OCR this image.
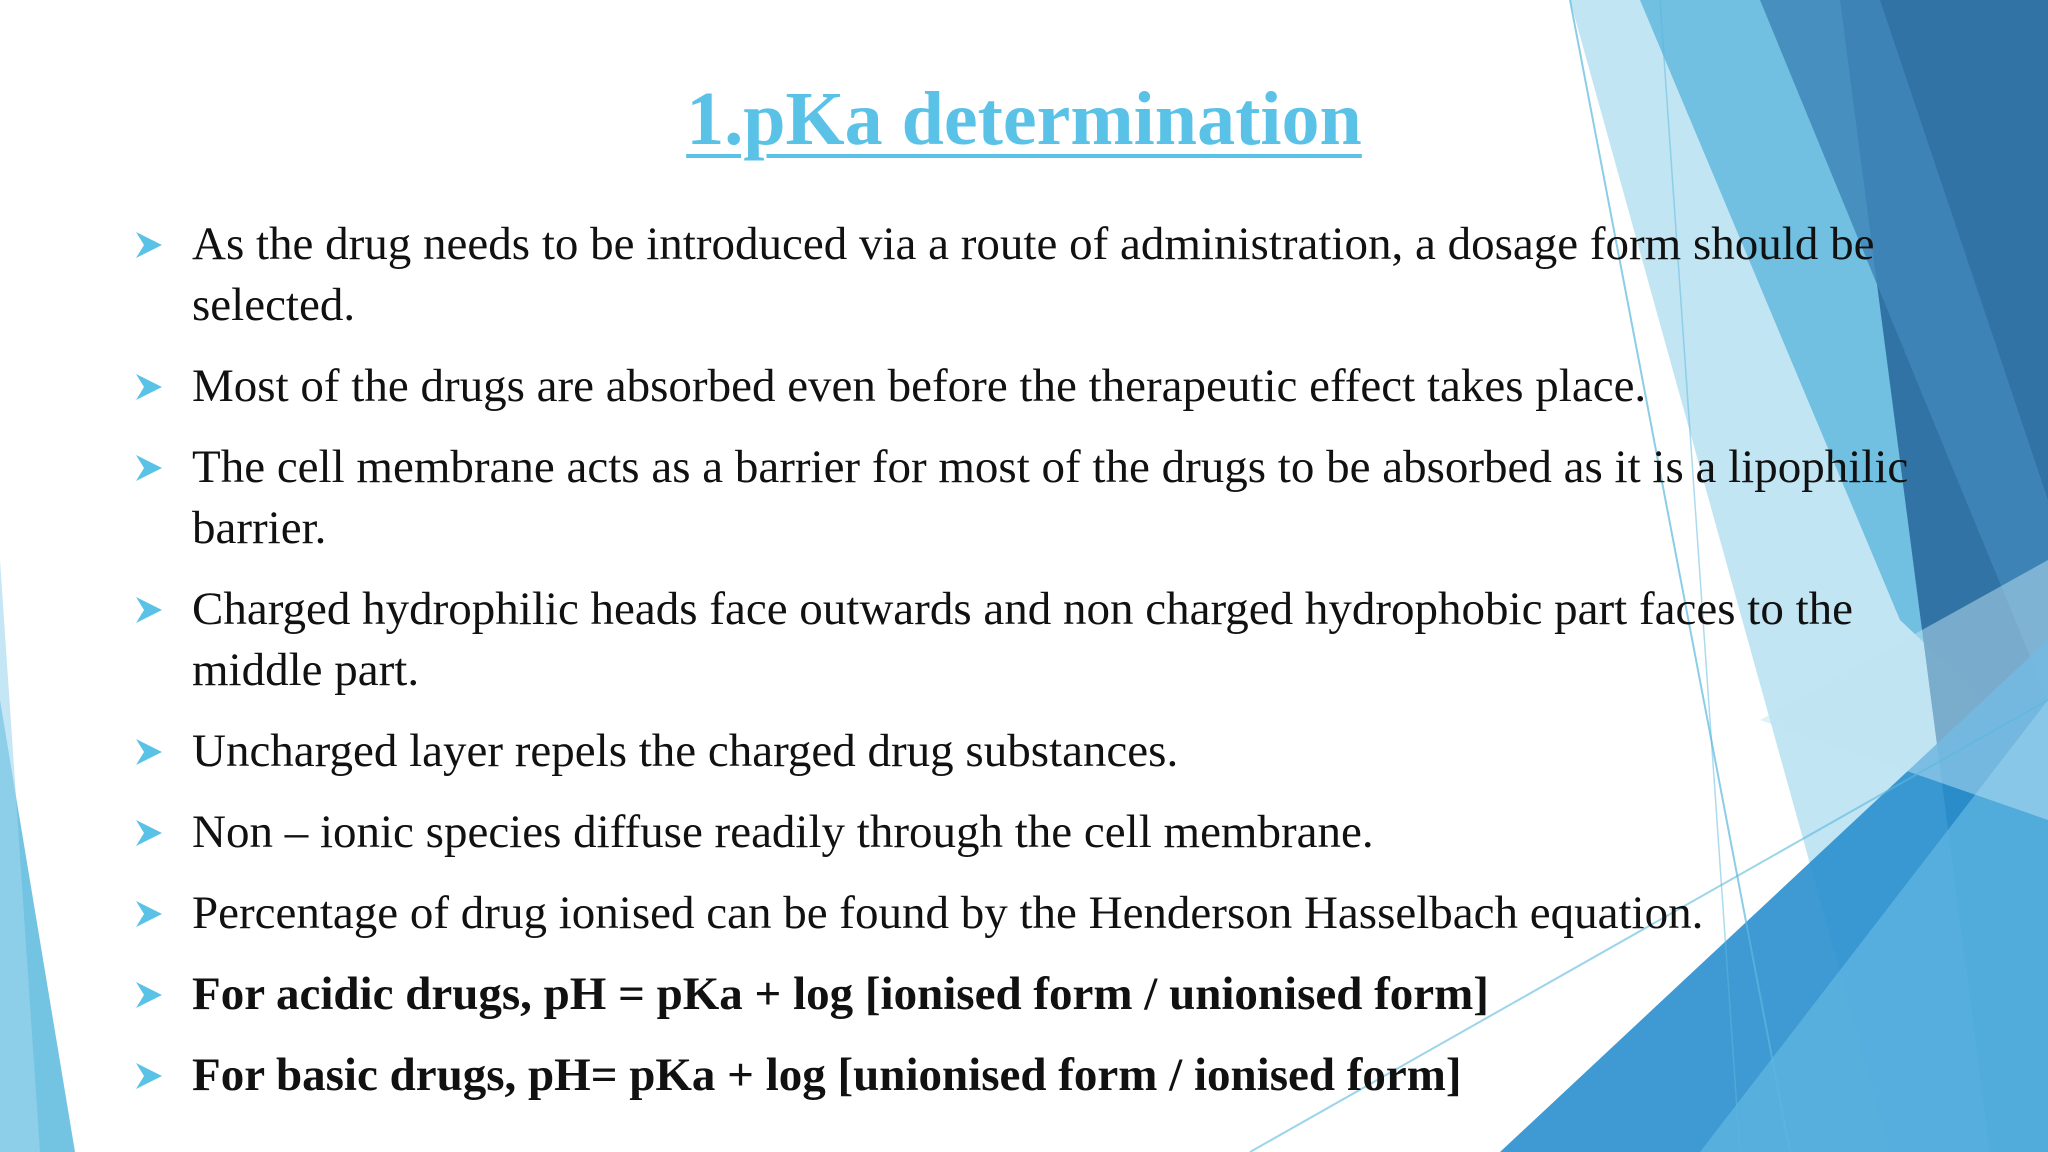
1.pKa determination
As the drug needs to be introduced via a route of administration, a dosage form should be selected.
Most of the drugs are absorbed even before the therapeutic effect takes place.
The cell membrane acts as a barrier for most of the drugs to be absorbed as it is a lipophilic barrier.
Charged hydrophilic heads face outwards and non charged hydrophobic part faces to the middle part.
Uncharged layer repels the charged drug substances.
Non – ionic species diffuse readily through the cell membrane.
Percentage of drug ionised can be found by the Henderson Hasselbach equation.
For acidic drugs, pH = pKa + log [ionised form / unionised form]
For basic drugs, pH= pKa + log [unionised form / ionised form]
